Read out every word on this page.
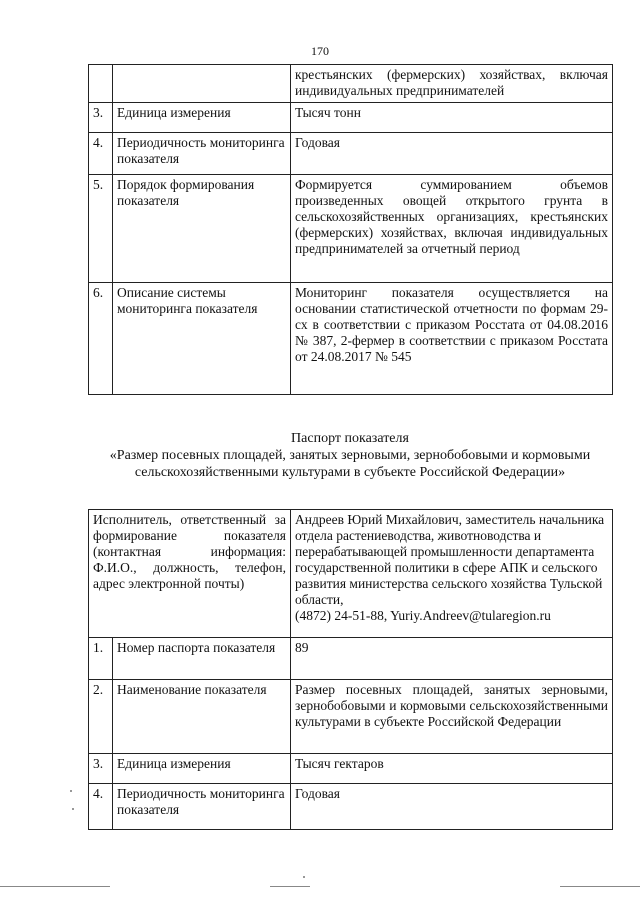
170
		крестьянских (фермерских) хозяйствах, включая индивидуальных предпринимателей
3.	Единица измерения	Тысяч тонн
4.	Периодичность мониторинга показателя	Годовая
5.	Порядок формирования показателя	Формируется суммированием объемов произведенных овощей открытого грунта в сельскохозяйственных организациях, крестьянских (фермерских) хозяйствах, включая индивидуальных предпринимателей за отчетный период
6.	Описание системы мониторинга показателя	Мониторинг показателя осуществляется на основании статистической отчетности по формам 29-сх в соответствии с приказом Росстата от 04.08.2016 № 387, 2-фермер в соответствии с приказом Росстата от 24.08.2017 № 545
Паспорт показателя
«Размер посевных площадей, занятых зерновыми, зернобобовыми и кормовыми сельскохозяйственными культурами в субъекте Российской Федерации»
Исполнитель, ответственный за формирование показателя (контактная информация: Ф.И.О., должность, телефон, адрес электронной почты)		Андреев Юрий Михайлович, заместитель начальника отдела растениеводства, животноводства и перерабатывающей промышленности департамента государственной политики в сфере АПК и сельского развития министерства сельского хозяйства Тульской области,
(4872) 24-51-88, Yuriy.Andreev@tularegion.ru

1.	Номер паспорта показателя	89
2.	Наименование показателя	Размер посевных площадей, занятых зерновыми, зернобобовыми и кормовыми сельскохозяйственными культурами в субъекте Российской Федерации
3.	Единица измерения	Тысяч гектаров
4.	Периодичность мониторинга показателя	Годовая
